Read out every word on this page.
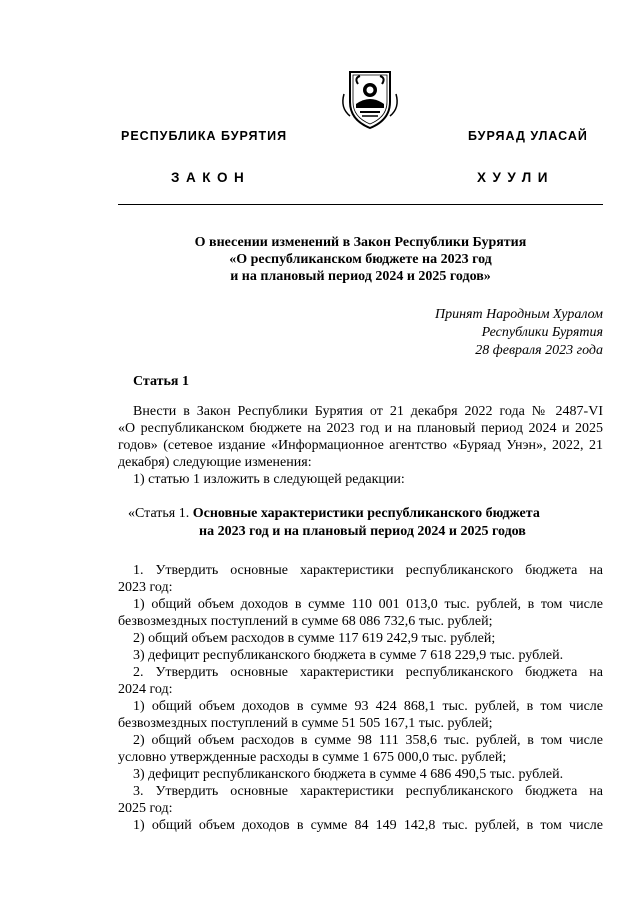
РЕСПУБЛИКА БУРЯТИЯ	БУРЯАД УЛАСАЙ
ЗАКОН	ХУУЛИ
О внесении изменений в Закон Республики Бурятия
«О республиканском бюджете на 2023 год
и на плановый период 2024 и 2025 годов»
Принят Народным Хуралом
Республики Бурятия
28 февраля 2023 года
Статья 1
Внести в Закон Республики Бурятия от 21 декабря 2022 года № 2487-VI
«О республиканском бюджете на 2023 год и на плановый период 2024 и 2025
годов» (сетевое издание «Информационное агентство «Буряад Унэн», 2022, 21
декабря) следующие изменения:
1) статью 1 изложить в следующей редакции:
«Статья 1. Основные характеристики республиканского бюджета
на 2023 год и на плановый период 2024 и 2025 годов
1. Утвердить основные характеристики республиканского бюджета на
2023 год:
1) общий объем доходов в сумме 110 001 013,0 тыс. рублей, в том числе
безвозмездных поступлений в сумме 68 086 732,6 тыс. рублей;
2) общий объем расходов в сумме 117 619 242,9 тыс. рублей;
3) дефицит республиканского бюджета в сумме 7 618 229,9 тыс. рублей.
2. Утвердить основные характеристики республиканского бюджета на
2024 год:
1) общий объем доходов в сумме 93 424 868,1 тыс. рублей, в том числе
безвозмездных поступлений в сумме 51 505 167,1 тыс. рублей;
2) общий объем расходов в сумме 98 111 358,6 тыс. рублей, в том числе
условно утвержденные расходы в сумме 1 675 000,0 тыс. рублей;
3) дефицит республиканского бюджета в сумме 4 686 490,5 тыс. рублей.
3. Утвердить основные характеристики республиканского бюджета на
2025 год:
1) общий объем доходов в сумме 84 149 142,8 тыс. рублей, в том числе
